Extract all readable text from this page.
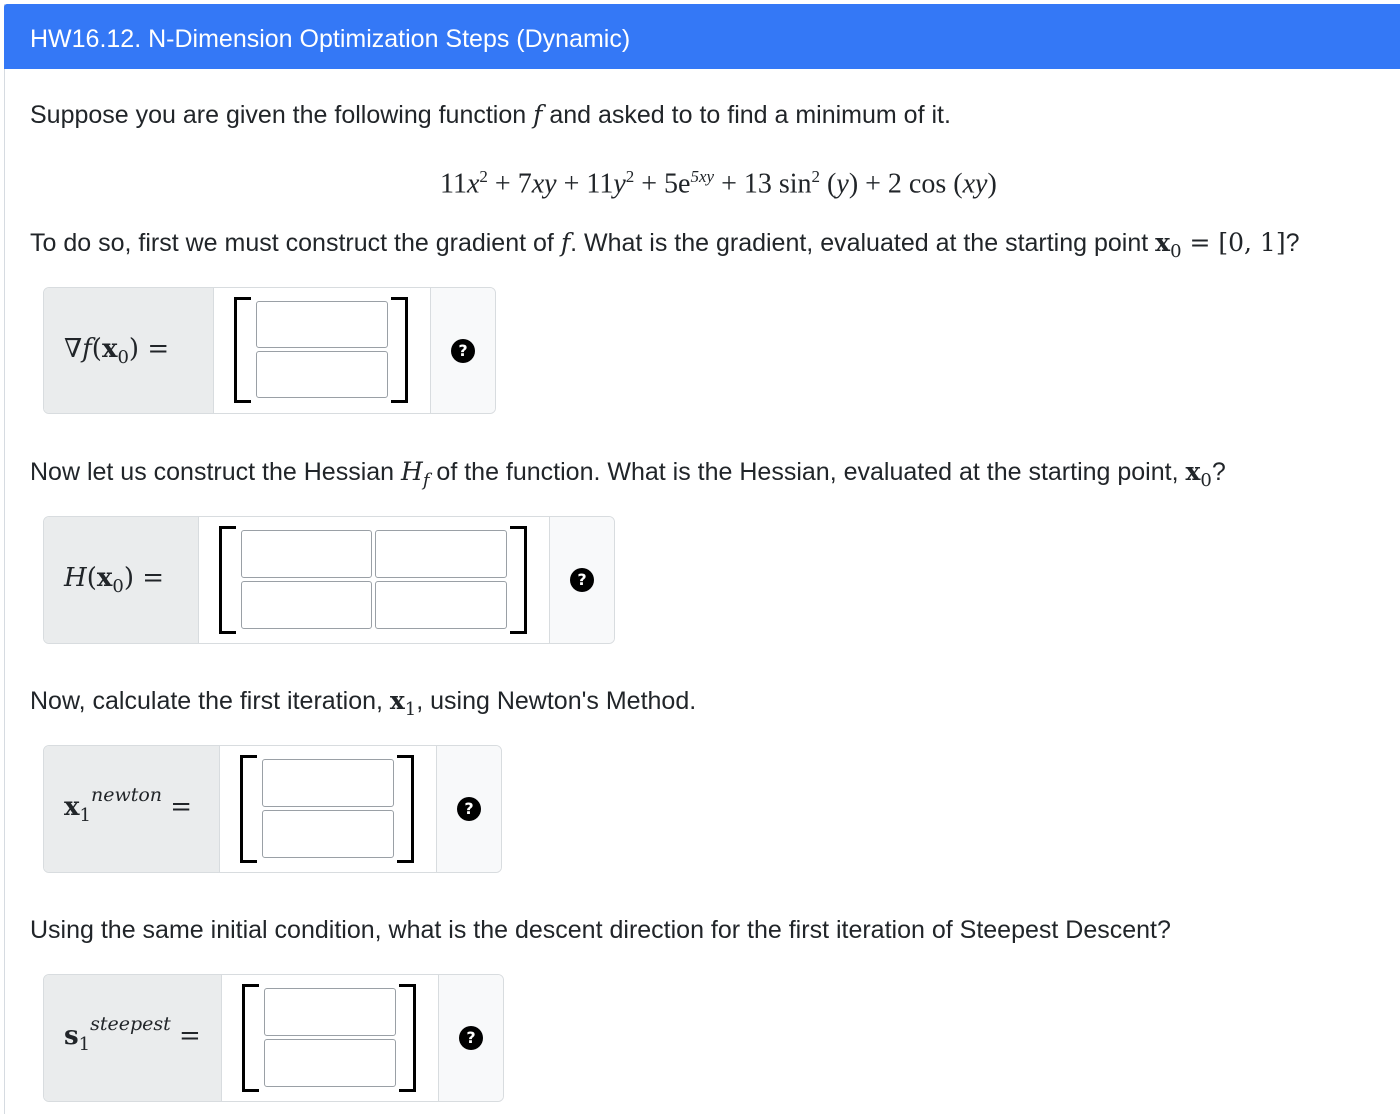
HW16.12. N-Dimension Optimization Steps (Dynamic)
Suppose you are given the following function f and asked to to find a minimum of it.
$11x^2 + 7xy + 11y^2 + 5e^{5xy} + 13$ $\sin^2 (y) + 2$ cos (xy)
To do so, first we must construct the gradient of f. What is the gradient, evaluated at the starting point $x_0 = [0$, 1]?
$\nabla f(x_0)$ =	?
Now let us construct the Hessian $H_f$ of the function. What is the Hessian, evaluated at the starting point, $x_0$?
$H(x_0)$ =	?
Now, calculate the first iteration, $x_1$, using Newton's Method.
$x_1^{newton}$ =	?
Using the same initial condition, what is the descent direction for the first iteration of Steepest Descent?
$s_1^{steepest}$ =	?
